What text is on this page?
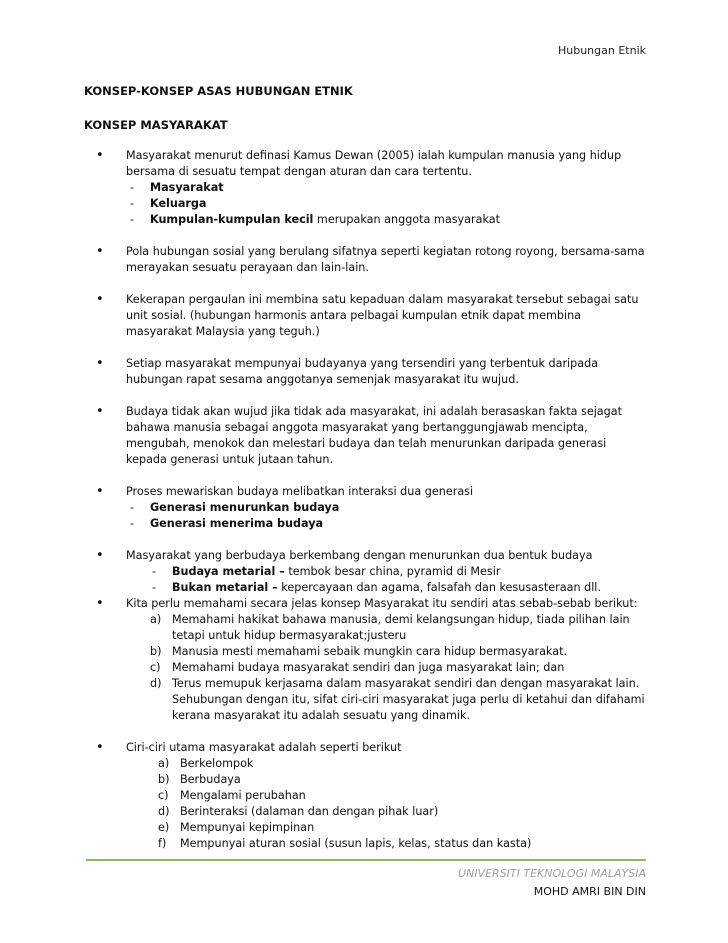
Hubungan Etnik
KONSEP-KONSEP ASAS HUBUNGAN ETNIK
KONSEP MASYARAKAT
• Masyarakat menurut definasi Kamus Dewan (2005) ialah kumpulan manusia yang hidup bersama di sesuatu tempat dengan aturan dan cara tertentu.
- Masyarakat
- Keluarga
- Kumpulan-kumpulan kecil merupakan anggota masyarakat
• Pola hubungan sosial yang berulang sifatnya seperti kegiatan rotong royong, bersama-sama merayakan sesuatu perayaan dan lain-lain.
• Kekerapan pergaulan ini membina satu kepaduan dalam masyarakat tersebut sebagai satu unit sosial. (hubungan harmonis antara pelbagai kumpulan etnik dapat membina masyarakat Malaysia yang teguh.)
• Setiap masyarakat mempunyai budayanya yang tersendiri yang terbentuk daripada hubungan rapat sesama anggotanya semenjak masyarakat itu wujud.
• Budaya tidak akan wujud jika tidak ada masyarakat, ini adalah berasaskan fakta sejagat bahawa manusia sebagai anggota masyarakat yang bertanggungjawab mencipta, mengubah, menokok dan melestari budaya dan telah menurunkan daripada generasi kepada generasi untuk jutaan tahun.
• Proses mewariskan budaya melibatkan interaksi dua generasi
- Generasi menurunkan budaya
- Generasi menerima budaya
• Masyarakat yang berbudaya berkembang dengan menurunkan dua bentuk budaya
- Budaya metarial – tembok besar china, pyramid di Mesir
- Bukan metarial – kepercayaan dan agama, falsafah dan kesusasteraan dll.
• Kita perlu memahami secara jelas konsep Masyarakat itu sendiri atas sebab-sebab berikut:
a) Memahami hakikat bahawa manusia, demi kelangsungan hidup, tiada pilihan lain tetapi untuk hidup bermasyarakat;justeru
b) Manusia mesti memahami sebaik mungkin cara hidup bermasyarakat.
c) Memahami budaya masyarakat sendiri dan juga masyarakat lain; dan
d) Terus memupuk kerjasama dalam masyarakat sendiri dan dengan masyarakat lain. Sehubungan dengan itu, sifat ciri-ciri masyarakat juga perlu di ketahui dan difahami kerana masyarakat itu adalah sesuatu yang dinamik.
• Ciri-ciri utama masyarakat adalah seperti berikut
a) Berkelompok
b) Berbudaya
c) Mengalami perubahan
d) Berinteraksi (dalaman dan dengan pihak luar)
e) Mempunyai kepimpinan
f) Mempunyai aturan sosial (susun lapis, kelas, status dan kasta)
UNIVERSITI TEKNOLOGI MALAYSIA
MOHD AMRI BIN DIN
